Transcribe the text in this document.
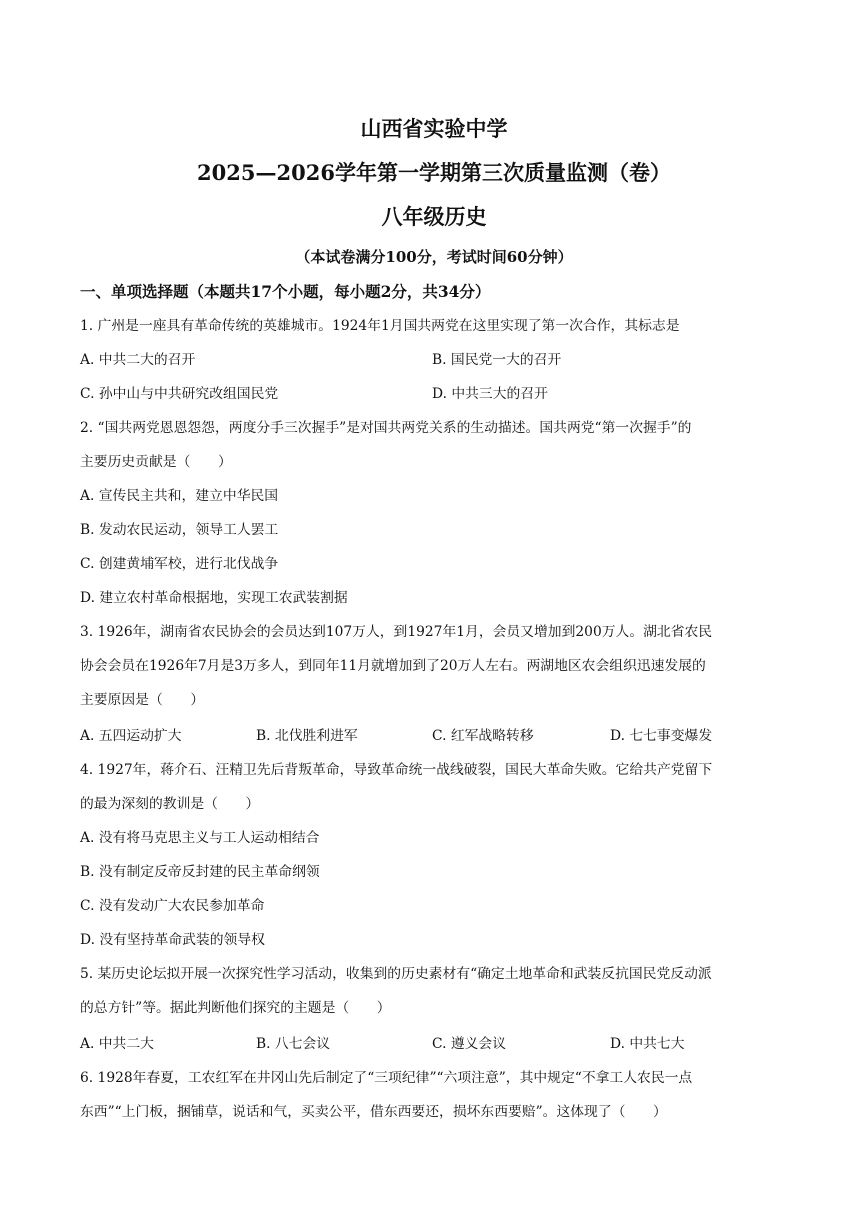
山西省实验中学
2025—2026学年第一学期第三次质量监测（卷）
八年级历史
（本试卷满分100分，考试时间60分钟）
一、单项选择题（本题共17个小题，每小题2分，共34分）
1. 广州是一座具有革命传统的英雄城市。1924年1月国共两党在这里实现了第一次合作，其标志是
A. 中共二大的召开	B. 国民党一大的召开
C. 孙中山与中共研究改组国民党	D. 中共三大的召开
2. “国共两党恩恩怨怨，两度分手三次握手”是对国共两党关系的生动描述。国共两党“第一次握手”的
主要历史贡献是（　　）
A. 宣传民主共和，建立中华民国
B. 发动农民运动，领导工人罢工
C. 创建黄埔军校，进行北伐战争
D. 建立农村革命根据地，实现工农武装割据
3. 1926年，湖南省农民协会的会员达到107万人，到1927年1月，会员又增加到200万人。湖北省农民
协会会员在1926年7月是3万多人，到同年11月就增加到了20万人左右。两湖地区农会组织迅速发展的
主要原因是（　　）
A. 五四运动扩大	B. 北伐胜利进军	C. 红军战略转移	D. 七七事变爆发
4. 1927年，蒋介石、汪精卫先后背叛革命，导致革命统一战线破裂，国民大革命失败。它给共产党留下
的最为深刻的教训是（　　）
A. 没有将马克思主义与工人运动相结合
B. 没有制定反帝反封建的民主革命纲领
C. 没有发动广大农民参加革命
D. 没有坚持革命武装的领导权
5. 某历史论坛拟开展一次探究性学习活动，收集到的历史素材有“确定土地革命和武装反抗国民党反动派
的总方针”等。据此判断他们探究的主题是（　　）
A. 中共二大	B. 八七会议	C. 遵义会议	D. 中共七大
6. 1928年春夏，工农红军在井冈山先后制定了“三项纪律”“六项注意”，其中规定“不拿工人农民一点
东西”“上门板，捆铺草，说话和气，买卖公平，借东西要还，损坏东西要赔”。这体现了（　　）
